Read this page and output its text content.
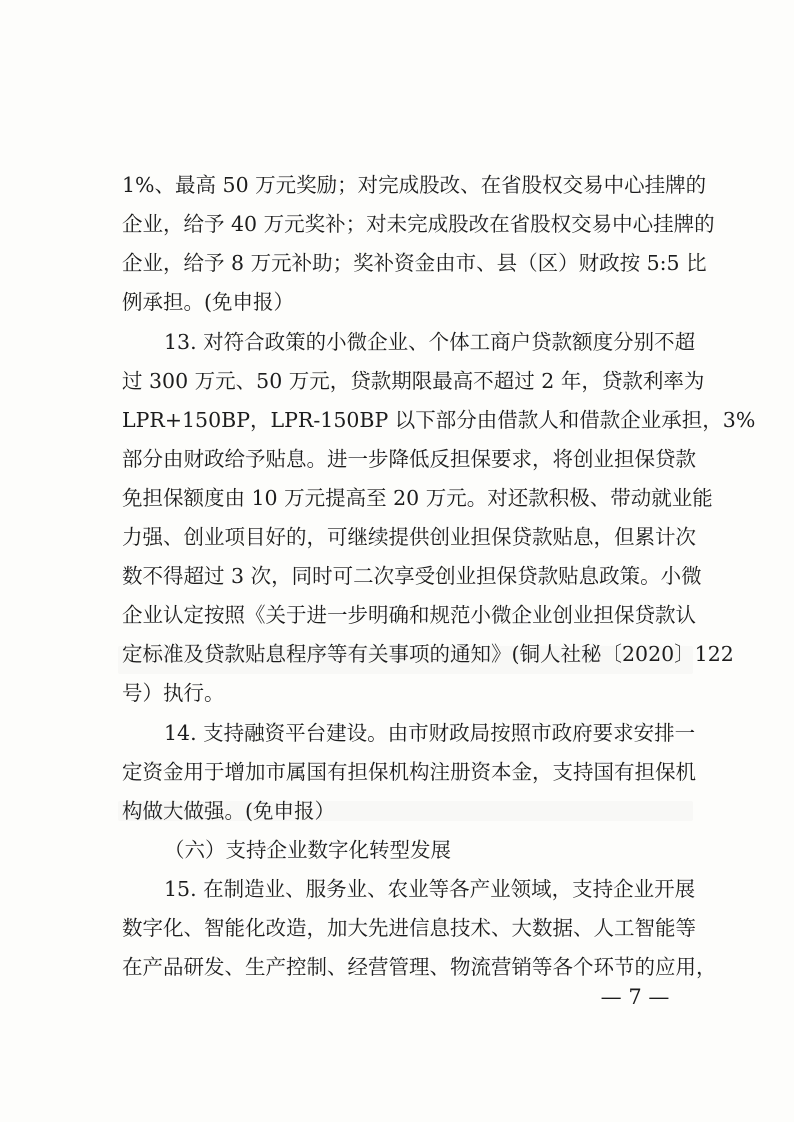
1%、最高 50 万元奖励；对完成股改、在省股权交易中心挂牌的
企业，给予 40 万元奖补；对未完成股改在省股权交易中心挂牌的
企业，给予 8 万元补助；奖补资金由市、县（区）财政按 5:5 比
例承担。(免申报）
13. 对符合政策的小微企业、个体工商户贷款额度分别不超
过 300 万元、50 万元，贷款期限最高不超过 2 年，贷款利率为
LPR+150BP，LPR-150BP 以下部分由借款人和借款企业承担，3%
部分由财政给予贴息。进一步降低反担保要求，将创业担保贷款
免担保额度由 10 万元提高至 20 万元。对还款积极、带动就业能
力强、创业项目好的，可继续提供创业担保贷款贴息，但累计次
数不得超过 3 次，同时可二次享受创业担保贷款贴息政策。小微
企业认定按照《关于进一步明确和规范小微企业创业担保贷款认
定标准及贷款贴息程序等有关事项的通知》(铜人社秘〔2020〕122
号）执行。
14. 支持融资平台建设。由市财政局按照市政府要求安排一
定资金用于增加市属国有担保机构注册资本金，支持国有担保机
构做大做强。(免申报）
（六）支持企业数字化转型发展
15. 在制造业、服务业、农业等各产业领域，支持企业开展
数字化、智能化改造，加大先进信息技术、大数据、人工智能等
在产品研发、生产控制、经营管理、物流营销等各个环节的应用，
— 7 —
